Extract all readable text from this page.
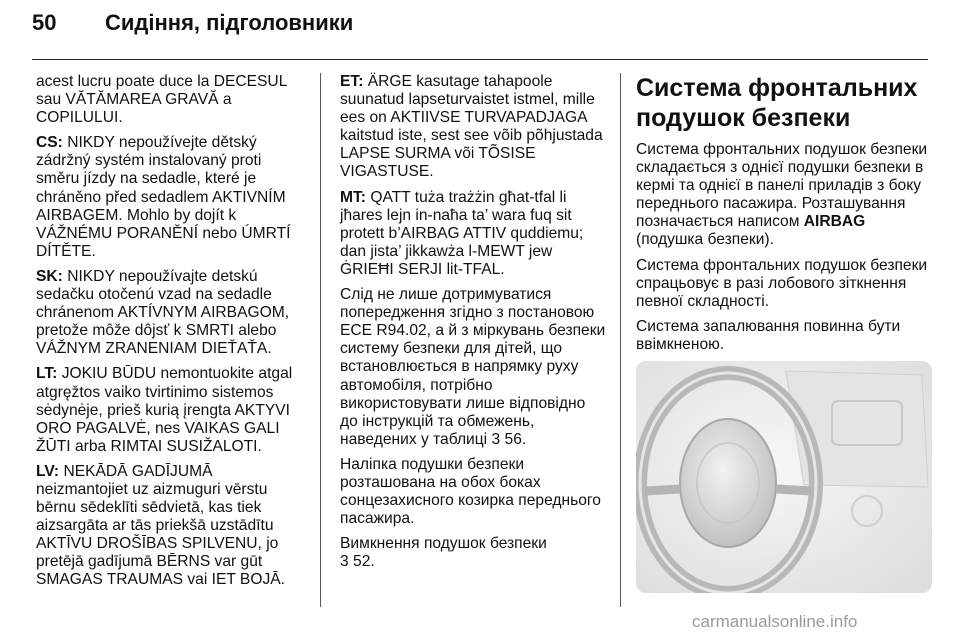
50 Сидіння, підголовники

acest lucru poate duce la DECESUL sau VĂTĂMAREA GRAVĂ a COPILULUI.

CS: NIKDY nepoužívejte dětský zádržný systém instalovaný proti směru jízdy na sedadle, které je chráněno před sedadlem AKTIVNÍM AIRBAGEM. Mohlo by dojít k VÁŽNÉMU PORANĚNÍ nebo ÚMRTÍ DÍTĚTE.

SK: NIKDY nepoužívajte detskú sedačku otočenú vzad na sedadle chránenom AKTÍVNYM AIRBAGOM, pretože môže dôjsť k SMRTI alebo VÁŽNYM ZRANENIAM DIEŤAŤA.

LT: JOKIU BŪDU nemontuokite atgal atgręžtos vaiko tvirtinimo sistemos sėdynėje, prieš kurią įrengta AKTYVI ORO PAGALVĖ, nes VAIKAS GALI ŽŪTI arba RIMTAI SUSIŽALOTI.

LV: NEKĀDĀ GADĪJUMĀ neizmantojiet uz aizmuguri vērstu bērnu sēdeklīti sēdvietā, kas tiek aizsargāta ar tās priekšā uzstādītu AKTĪVU DROŠĪBAS SPILVENU, jo pretējā gadījumā BĒRNS var gūt SMAGAS TRAUMAS vai IET BOJĀ.

ET: ÄRGE kasutage tahapoole suunatud lapseturvaistet istmel, mille ees on AKTIIVSE TURVAPADJAGA kaitstud iste, sest see võib põhjustada LAPSE SURMA või TÕSISE VIGASTUSE.

MT: QATT tuża trażżin għat-tfal li jħares lejn in-naħa ta’ wara fuq sit protett b’AIRBAG ATTIV quddiemu; dan jista’ jikkawża l-MEWT jew ĠRIEĦI SERJI lit-TFAL.

Слід не лише дотримуватися попередження згідно з постановою ECE R94.02, а й з міркувань безпеки систему безпеки для дітей, що встановлюється в напрямку руху автомобіля, потрібно використовувати лише відповідно до інструкцій та обмежень, наведених у таблиці 3 56.

Наліпка подушки безпеки розташована на обох боках сонцезахисного козирка переднього пасажира.

Вимкнення подушок безпеки
3 52.

Система фронтальних подушок безпеки

Система фронтальних подушок безпеки складається з однієї подушки безпеки в кермі та однієї в панелі приладів з боку переднього пасажира. Розташування позначається написом AIRBAG (подушка безпеки).

Система фронтальних подушок безпеки спрацьовує в разі лобового зіткнення певної складності.

Система запалювання повинна бути ввімкненою.

carmanualsonline.info
